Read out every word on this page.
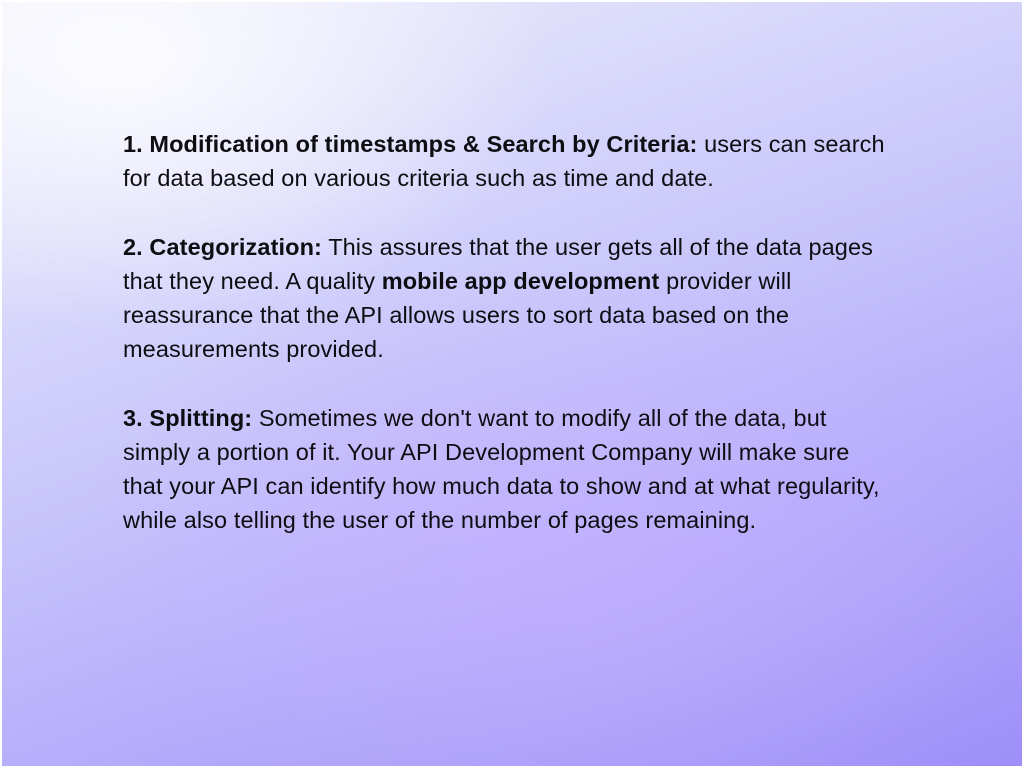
1. Modification of timestamps & Search by Criteria: users can search for data based on various criteria such as time and date.

2. Categorization: This assures that the user gets all of the data pages that they need. A quality mobile app development provider will reassurance that the API allows users to sort data based on the measurements provided.

3. Splitting: Sometimes we don't want to modify all of the data, but simply a portion of it. Your API Development Company will make sure that your API can identify how much data to show and at what regularity, while also telling the user of the number of pages remaining.
